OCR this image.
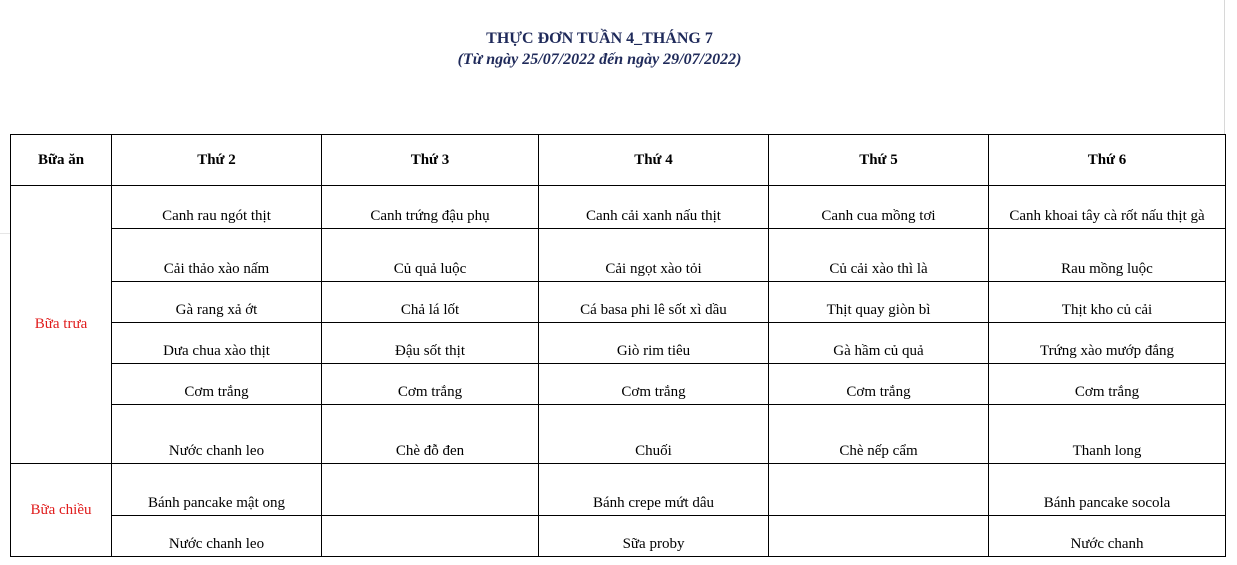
THỰC ĐƠN TUẦN 4_THÁNG 7
(Từ ngày 25/07/2022 đến ngày 29/07/2022)
Bữa ăn	Thứ 2	Thứ 3	Thứ 4	Thứ 5	Thứ 6
Bữa trưa	Canh rau ngót thịt	Canh trứng đậu phụ	Canh cải xanh nấu thịt	Canh cua mồng tơi	Canh khoai tây cà rốt nấu thịt gà
	Cải thảo xào nấm	Củ quả luộc	Cải ngọt xào tỏi	Củ cải xào thì là	Rau mồng luộc
	Gà rang xả ớt	Chả lá lốt	Cá basa phi lê sốt xì dầu	Thịt quay giòn bì	Thịt kho củ cải
	Dưa chua xào thịt	Đậu sốt thịt	Giò rim tiêu	Gà hầm củ quả	Trứng xào mướp đắng
	Cơm trắng	Cơm trắng	Cơm trắng	Cơm trắng	Cơm trắng
	Nước chanh leo	Chè đỗ đen	Chuối	Chè nếp cẩm	Thanh long
Bữa chiều	Bánh pancake mật ong		Bánh crepe mứt dâu		Bánh pancake socola
	Nước chanh leo		Sữa proby		Nước chanh
